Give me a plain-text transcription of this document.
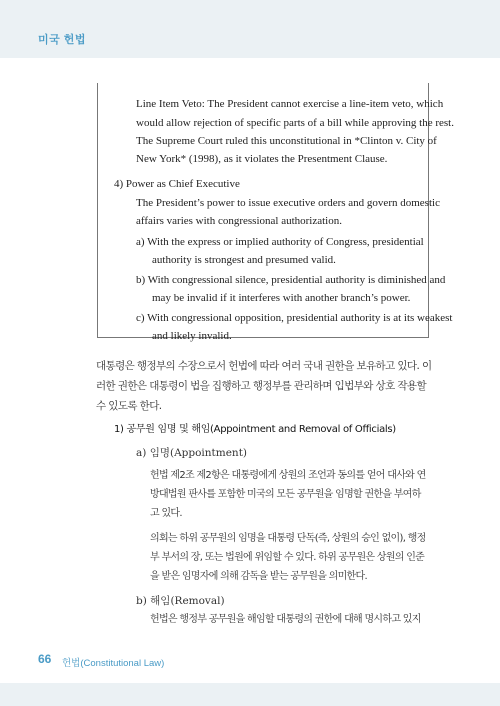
미국 헌법
Line Item Veto: The President cannot exercise a line-item veto, which
would allow rejection of specific parts of a bill while approving the rest.
The Supreme Court ruled this unconstitutional in *Clinton v. City of
New York* (1998), as it violates the Presentment Clause.
4) Power as Chief Executive
The President’s power to issue executive orders and govern domestic
affairs varies with congressional authorization.
a) With the express or implied authority of Congress, presidential
authority is strongest and presumed valid.
b) With congressional silence, presidential authority is diminished and
may be invalid if it interferes with another branch’s power.
c) With congressional opposition, presidential authority is at its weakest
and likely invalid.
대통령은 행정부의 수장으로서 헌법에 따라 여러 국내 권한을 보유하고 있다. 이
러한 권한은 대통령이 법을 집행하고 행정부를 관리하며 입법부와 상호 작용할
수 있도록 한다.
1) 공무원 임명 및 해임(Appointment and Removal of Officials)
a) 임명(Appointment)
헌법 제2조 제2항은 대통령에게 상원의 조언과 동의를 얻어 대사와 연
방대법원 판사를 포함한 미국의 모든 공무원을 임명할 권한을 부여하
고 있다.
의회는 하위 공무원의 임명을 대통령 단독(즉, 상원의 승인 없이), 행정
부 부서의 장, 또는 법원에 위임할 수 있다. 하위 공무원은 상원의 인준
을 받은 임명자에 의해 감독을 받는 공무원을 의미한다.
b) 해임(Removal)
헌법은 행정부 공무원을 해임할 대통령의 권한에 대해 명시하고 있지
66 헌법(Constitutional Law)
